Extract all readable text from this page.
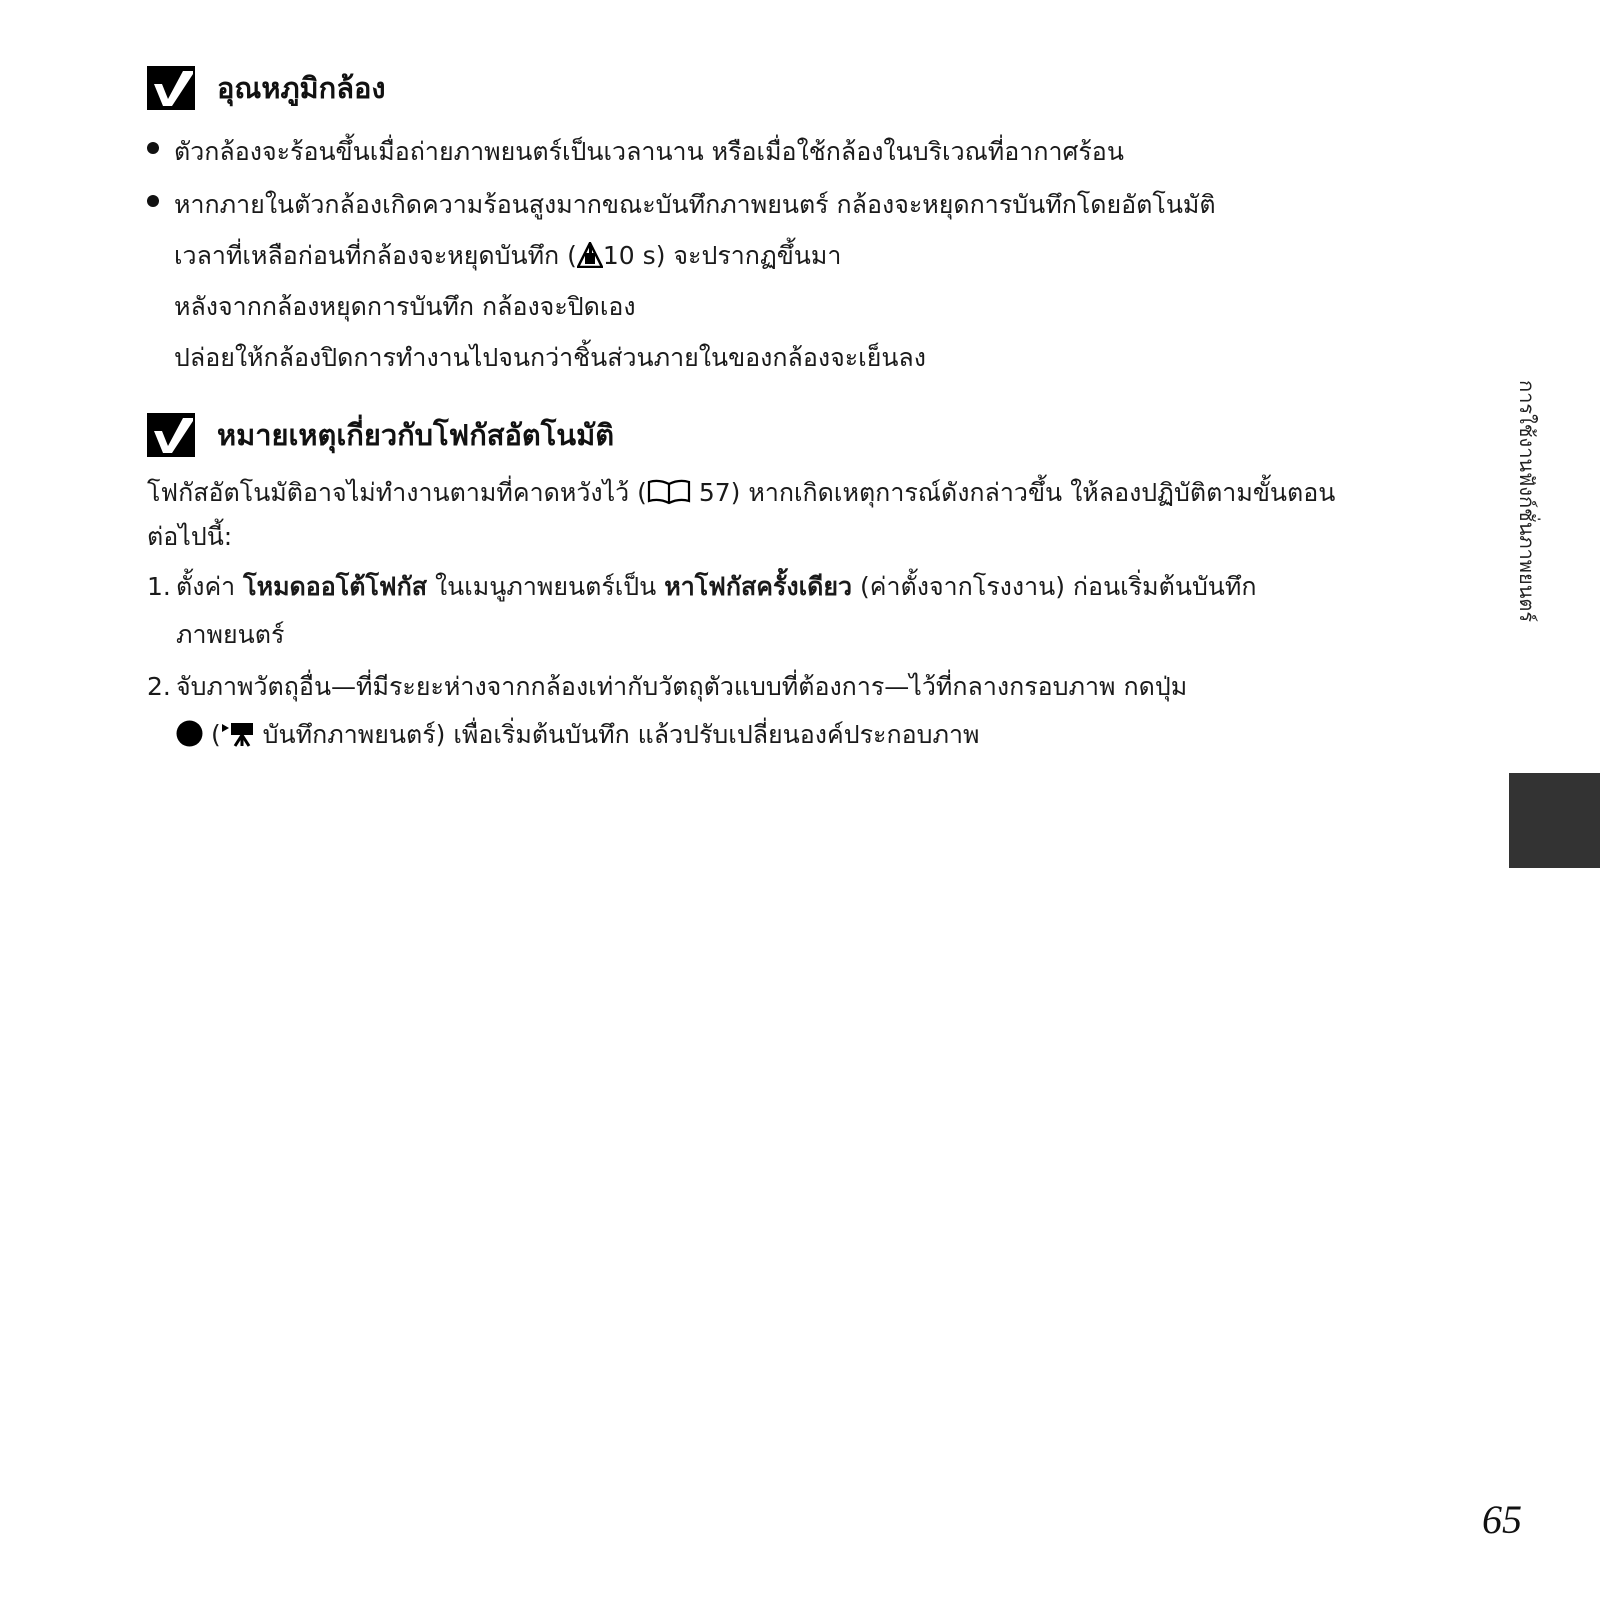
อุณหภูมิกล้อง
ตัวกล้องจะร้อนขึ้นเมื่อถ่ายภาพยนตร์เป็นเวลานาน หรือเมื่อใช้กล้องในบริเวณที่อากาศร้อน
หากภายในตัวกล้องเกิดความร้อนสูงมากขณะบันทึกภาพยนตร์ กล้องจะหยุดการบันทึกโดยอัตโนมัติ
เวลาที่เหลือก่อนที่กล้องจะหยุดบันทึก ( 10 s) จะปรากฏขึ้นมา
หลังจากกล้องหยุดการบันทึก กล้องจะปิดเอง
ปล่อยให้กล้องปิดการทำงานไปจนกว่าชิ้นส่วนภายในของกล้องจะเย็นลง
หมายเหตุเกี่ยวกับโฟกัสอัตโนมัติ
โฟกัสอัตโนมัติอาจไม่ทำงานตามที่คาดหวังไว้ ( 57) หากเกิดเหตุการณ์ดังกล่าวขึ้น ให้ลองปฏิบัติตามขั้นตอน
ต่อไปนี้:
1. ตั้งค่า โหมดออโต้โฟกัส ในเมนูภาพยนตร์เป็น หาโฟกัสครั้งเดียว (ค่าตั้งจากโรงงาน) ก่อนเริ่มต้นบันทึก
ภาพยนตร์
2. จับภาพวัตถุอื่น—ที่มีระยะห่างจากกล้องเท่ากับวัตถุตัวแบบที่ต้องการ—ไว้ที่กลางกรอบภาพ กดปุ่ม
( บันทึกภาพยนตร์) เพื่อเริ่มต้นบันทึก แล้วปรับเปลี่ยนองค์ประกอบภาพ
การใช้งานฟังก์ชั่นภาพยนตร์
65
